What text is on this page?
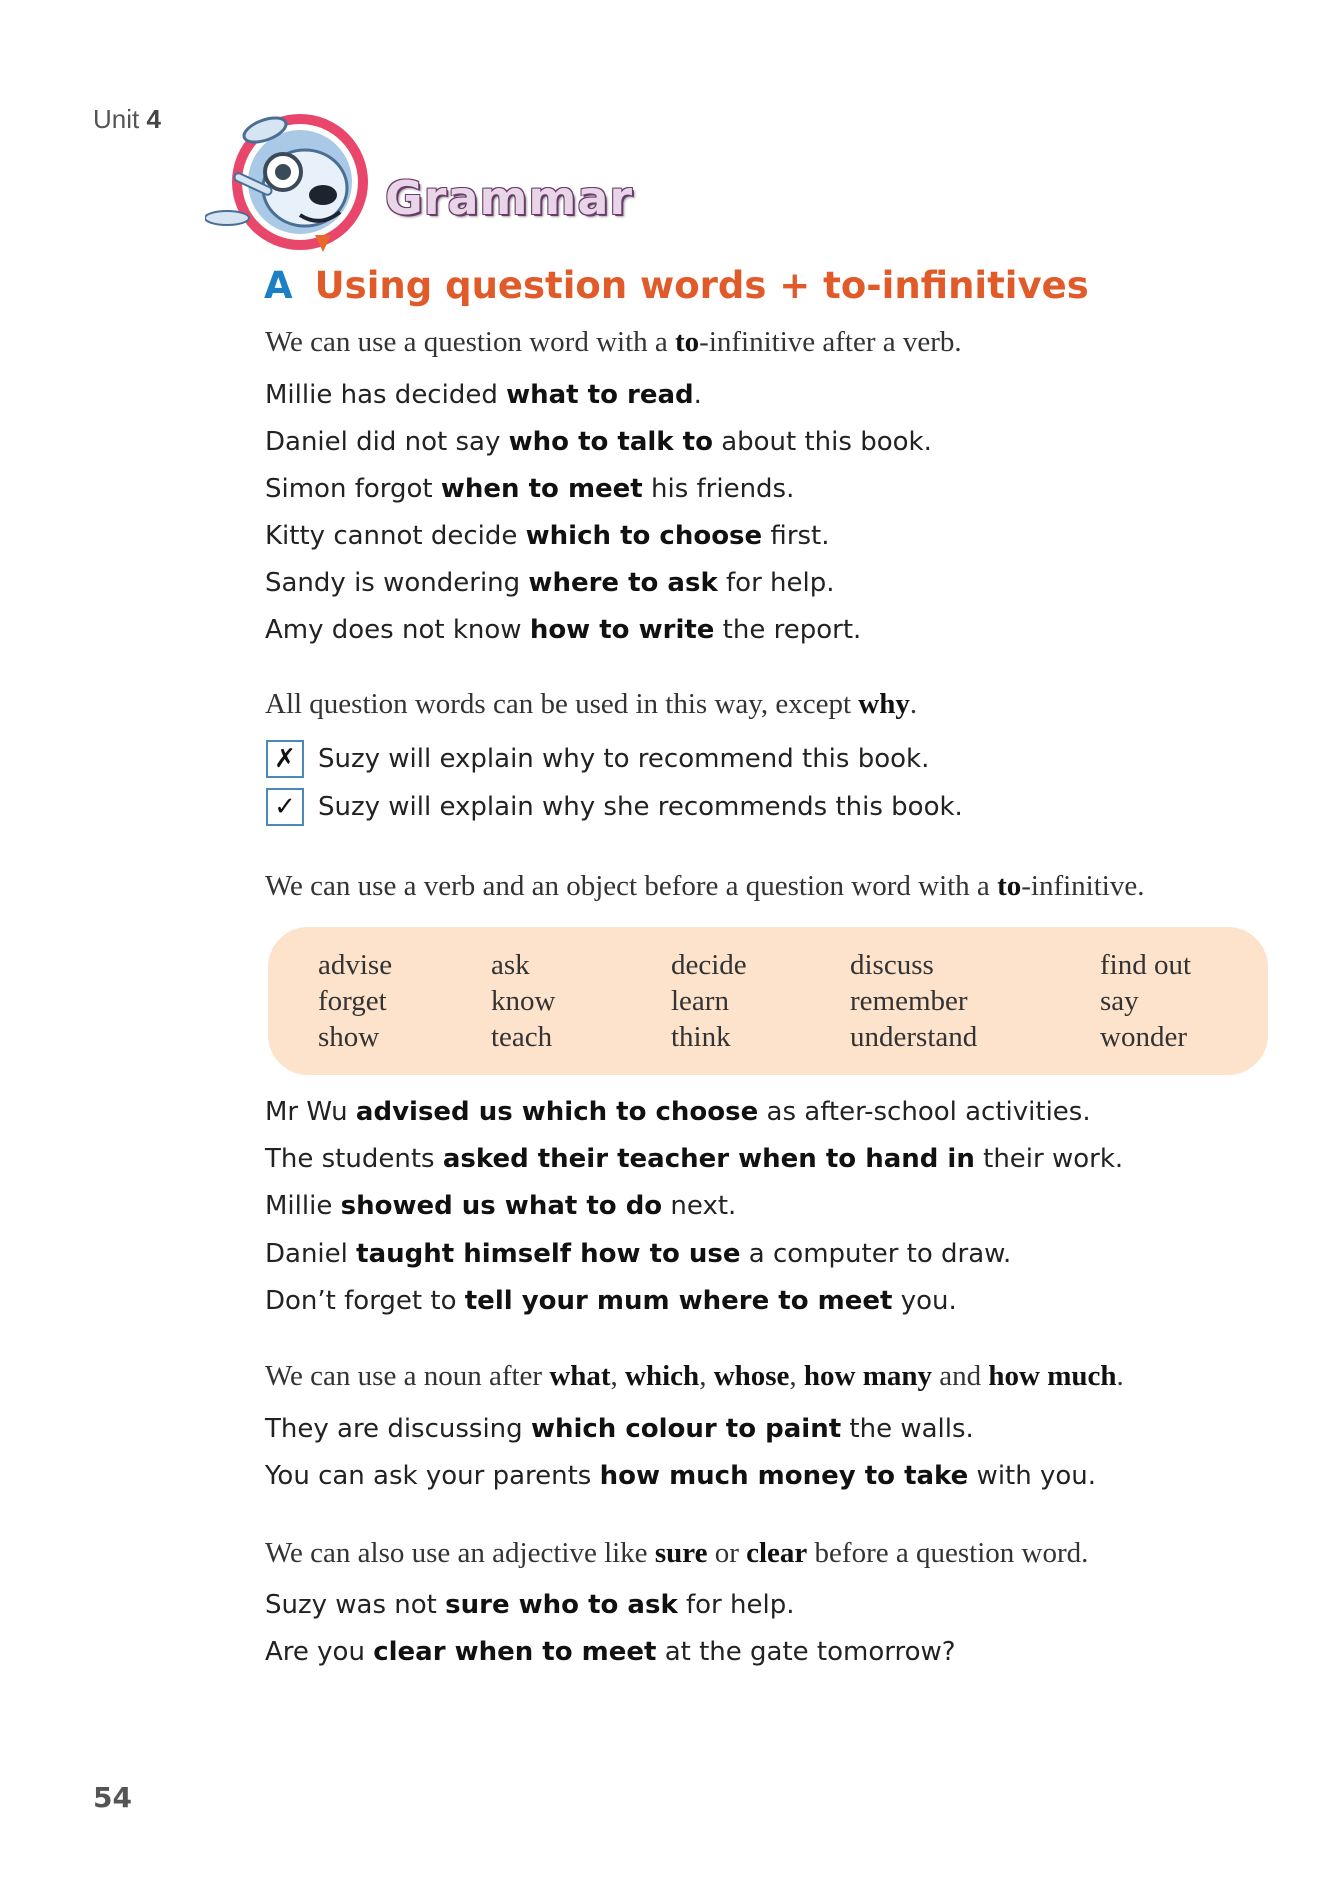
Unit 4
Grammar
A Using question words + to-infinitives
We can use a question word with a to-infinitive after a verb.
Millie has decided what to read.
Daniel did not say who to talk to about this book.
Simon forgot when to meet his friends.
Kitty cannot decide which to choose first.
Sandy is wondering where to ask for help.
Amy does not know how to write the report.
All question words can be used in this way, except why.
✗ Suzy will explain why to recommend this book.
✓ Suzy will explain why she recommends this book.
We can use a verb and an object before a question word with a to-infinitive.
advise	ask	decide	discuss	find out
forget	know	learn	remember	say
show	teach	think	understand	wonder
Mr Wu advised us which to choose as after-school activities.
The students asked their teacher when to hand in their work.
Millie showed us what to do next.
Daniel taught himself how to use a computer to draw.
Don’t forget to tell your mum where to meet you.
We can use a noun after what, which, whose, how many and how much.
They are discussing which colour to paint the walls.
You can ask your parents how much money to take with you.
We can also use an adjective like sure or clear before a question word.
Suzy was not sure who to ask for help.
Are you clear when to meet at the gate tomorrow?
54
